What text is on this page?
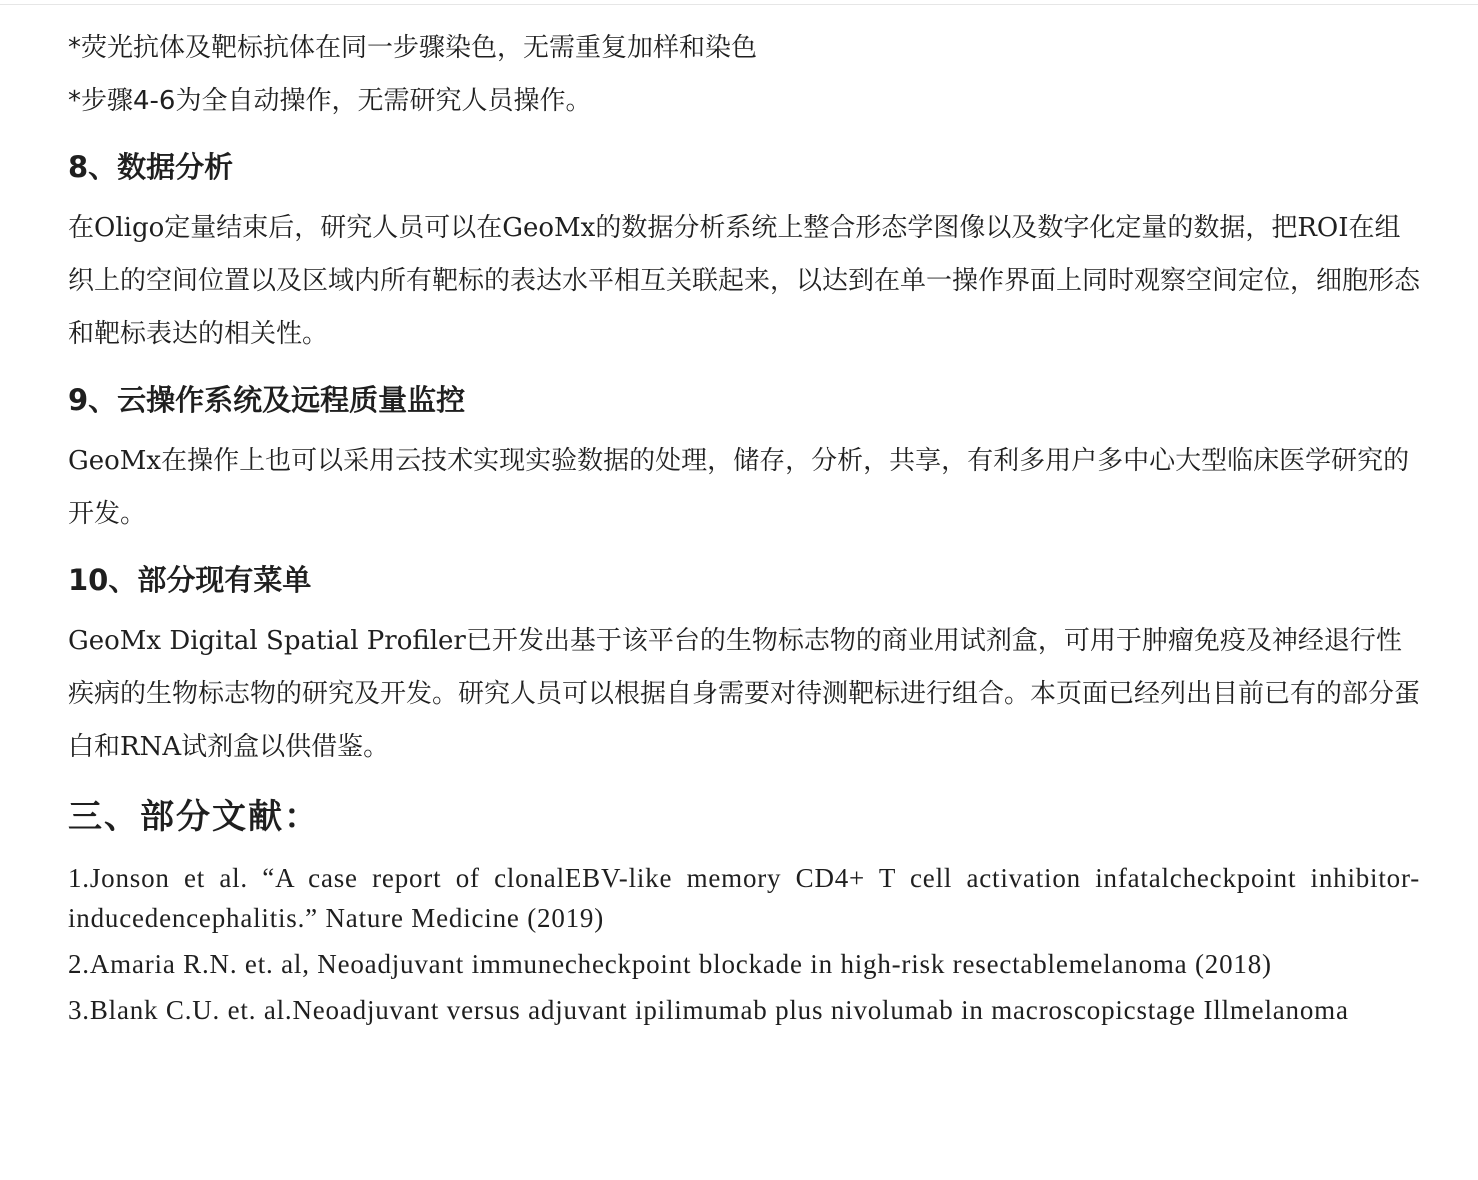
*荧光抗体及靶标抗体在同一步骤染色，无需重复加样和染色

*步骤4-6为全自动操作，无需研究人员操作。

8、数据分析

在Oligo定量结束后，研究人员可以在GeoMx的数据分析系统上整合形态学图像以及数字化定量的数据，把ROI在组织上的空间位置以及区域内所有靶标的表达水平相互关联起来，以达到在单一操作界面上同时观察空间定位，细胞形态和靶标表达的相关性。

9、云操作系统及远程质量监控

GeoMx在操作上也可以采用云技术实现实验数据的处理，储存，分析，共享，有利多用户多中心大型临床医学研究的开发。

10、部分现有菜单

GeoMx Digital Spatial Profiler已开发出基于该平台的生物标志物的商业用试剂盒，可用于肿瘤免疫及神经退行性疾病的生物标志物的研究及开发。研究人员可以根据自身需要对待测靶标进行组合。本页面已经列出目前已有的部分蛋白和RNA试剂盒以供借鉴。

三、部分文献：
1.Jonson et al. “A case report of clonalEBV-like memory CD4+ T cell activation infatalcheckpoint inhibitor-inducedencephalitis.” Nature Medicine (2019)
2.Amaria R.N. et. al, Neoadjuvant immunecheckpoint blockade in high-risk resectablemelanoma (2018)
3.Blank C.U. et. al.Neoadjuvant versus adjuvant ipilimumab plus nivolumab in macroscopicstage Illmelanoma
